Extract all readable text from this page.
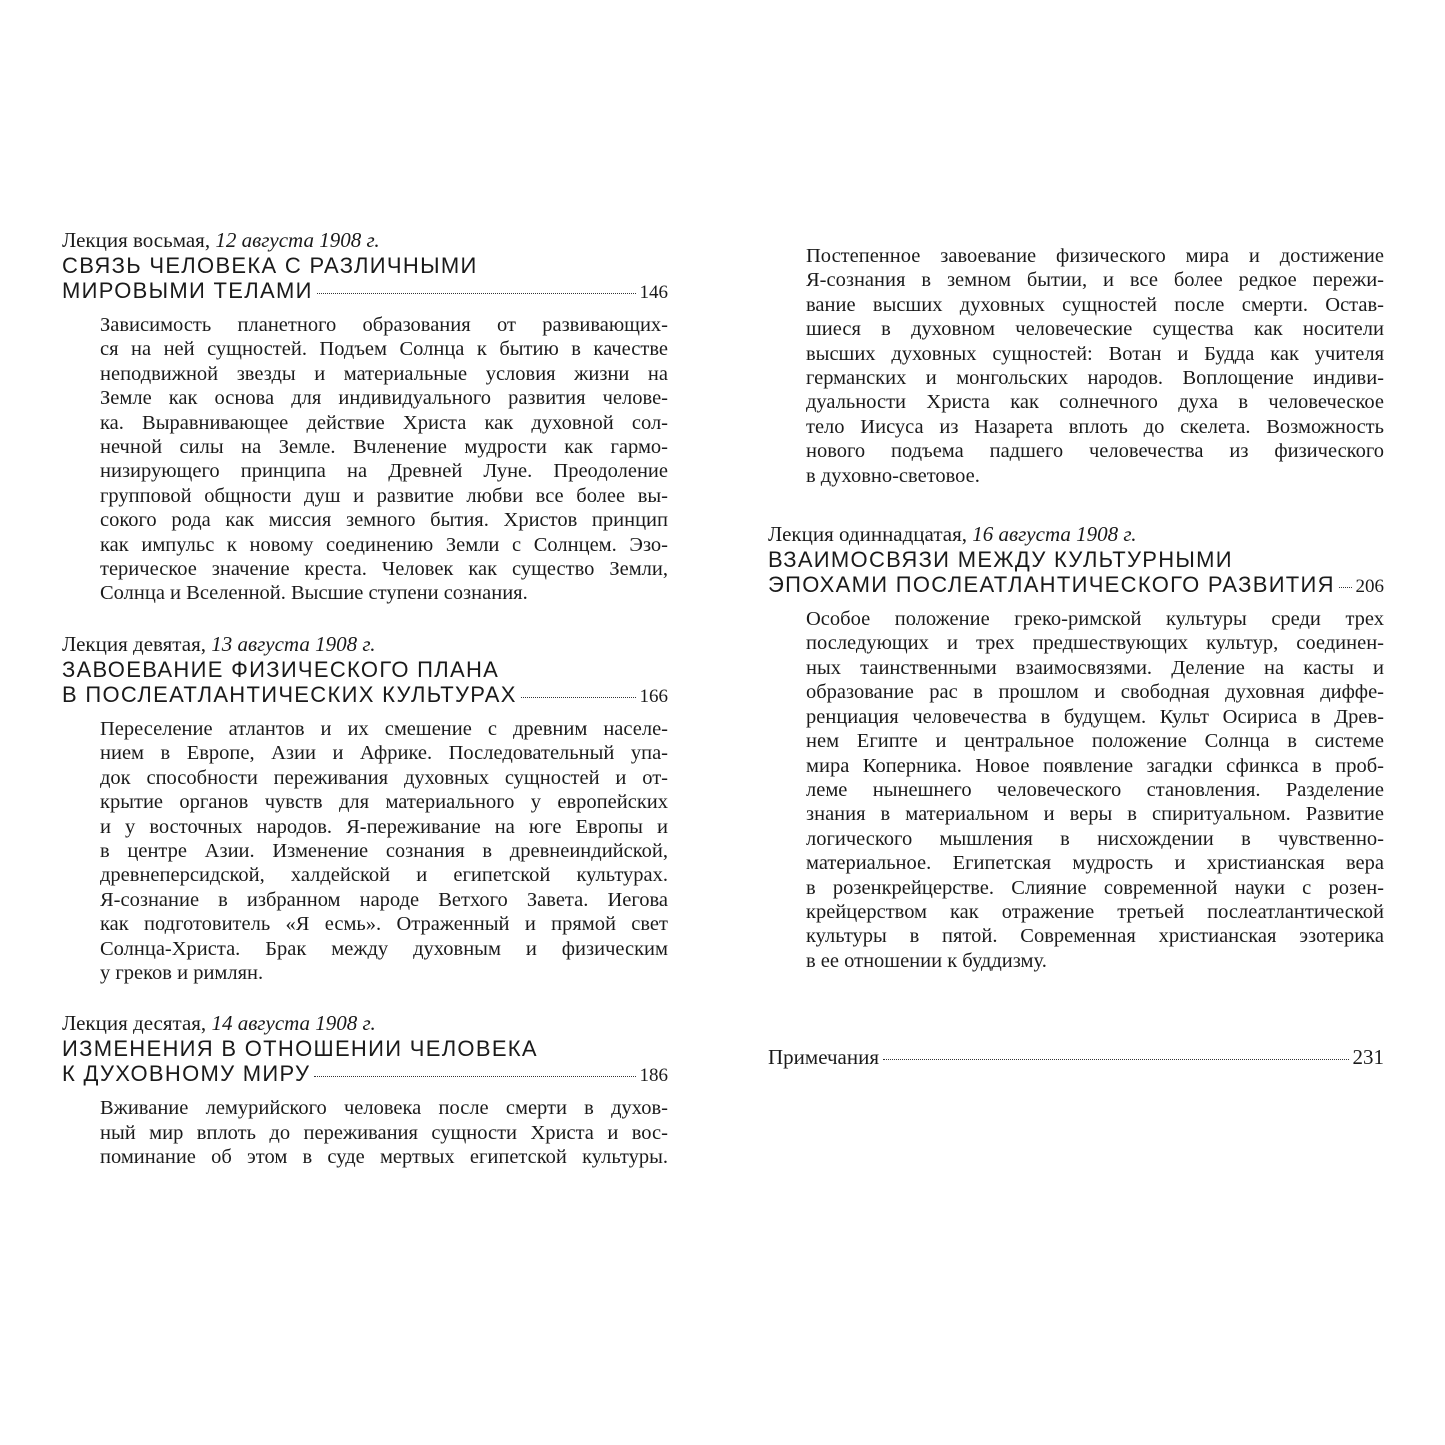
Лекция восьмая, 12 августа 1908 г.
СВЯЗЬ ЧЕЛОВЕКА С РАЗЛИЧНЫМИ
МИРОВЫМИ ТЕЛАМИ	146
Зависимость планетного образования от развивающих-
ся на ней сущностей. Подъем Солнца к бытию в качестве
неподвижной звезды и материальные условия жизни на
Земле как основа для индивидуального развития челове-
ка. Выравнивающее действие Христа как духовной сол-
нечной силы на Земле. Вчленение мудрости как гармо-
низирующего принципа на Древней Луне. Преодоление
групповой общности душ и развитие любви все более вы-
сокого рода как миссия земного бытия. Христов принцип
как импульс к новому соединению Земли с Солнцем. Эзо-
терическое значение креста. Человек как существо Земли,
Солнца и Вселенной. Высшие ступени сознания.
Лекция девятая, 13 августа 1908 г.
ЗАВОЕВАНИЕ ФИЗИЧЕСКОГО ПЛАНА
В ПОСЛЕАТЛАНТИЧЕСКИХ КУЛЬТУРАХ	166
Переселение атлантов и их смешение с древним населе-
нием в Европе, Азии и Африке. Последовательный упа-
док способности переживания духовных сущностей и от-
крытие органов чувств для материального у европейских
и у восточных народов. Я-переживание на юге Европы и
в центре Азии. Изменение сознания в древнеиндийской,
древнеперсидской, халдейской и египетской культурах.
Я-сознание в избранном народе Ветхого Завета. Иегова
как подготовитель «Я есмь». Отраженный и прямой свет
Солнца-Христа. Брак между духовным и физическим
у греков и римлян.
Лекция десятая, 14 августа 1908 г.
ИЗМЕНЕНИЯ В ОТНОШЕНИИ ЧЕЛОВЕКА
К ДУХОВНОМУ МИРУ	186
Вживание лемурийского человека после смерти в духов-
ный мир вплоть до переживания сущности Христа и вос-
поминание об этом в суде мертвых египетской культуры.
Постепенное завоевание физического мира и достижение
Я-сознания в земном бытии, и все более редкое пережи-
вание высших духовных сущностей после смерти. Остав-
шиеся в духовном человеческие существа как носители
высших духовных сущностей: Вотан и Будда как учителя
германских и монгольских народов. Воплощение индиви-
дуальности Христа как солнечного духа в человеческое
тело Иисуса из Назарета вплоть до скелета. Возможность
нового подъема падшего человечества из физического
в духовно-световое.
Лекция одиннадцатая, 16 августа 1908 г.
ВЗАИМОСВЯЗИ МЕЖДУ КУЛЬТУРНЫМИ
ЭПОХАМИ ПОСЛЕАТЛАНТИЧЕСКОГО РАЗВИТИЯ 206
Особое положение греко-римской культуры среди трех
последующих и трех предшествующих культур, соединен-
ных таинственными взаимосвязями. Деление на касты и
образование рас в прошлом и свободная духовная диффе-
ренциация человечества в будущем. Культ Осириса в Древ-
нем Египте и центральное положение Солнца в системе
мира Коперника. Новое появление загадки сфинкса в проб-
леме нынешнего человеческого становления. Разделение
знания в материальном и веры в спиритуальном. Развитие
логического мышления в нисхождении в чувственно-
материальное. Египетская мудрость и христианская вера
в розенкрейцерстве. Слияние современной науки с розен-
крейцерством как отражение третьей послеатлантической
культуры в пятой. Современная христианская эзотерика
в ее отношении к буддизму.
Примечания	231
